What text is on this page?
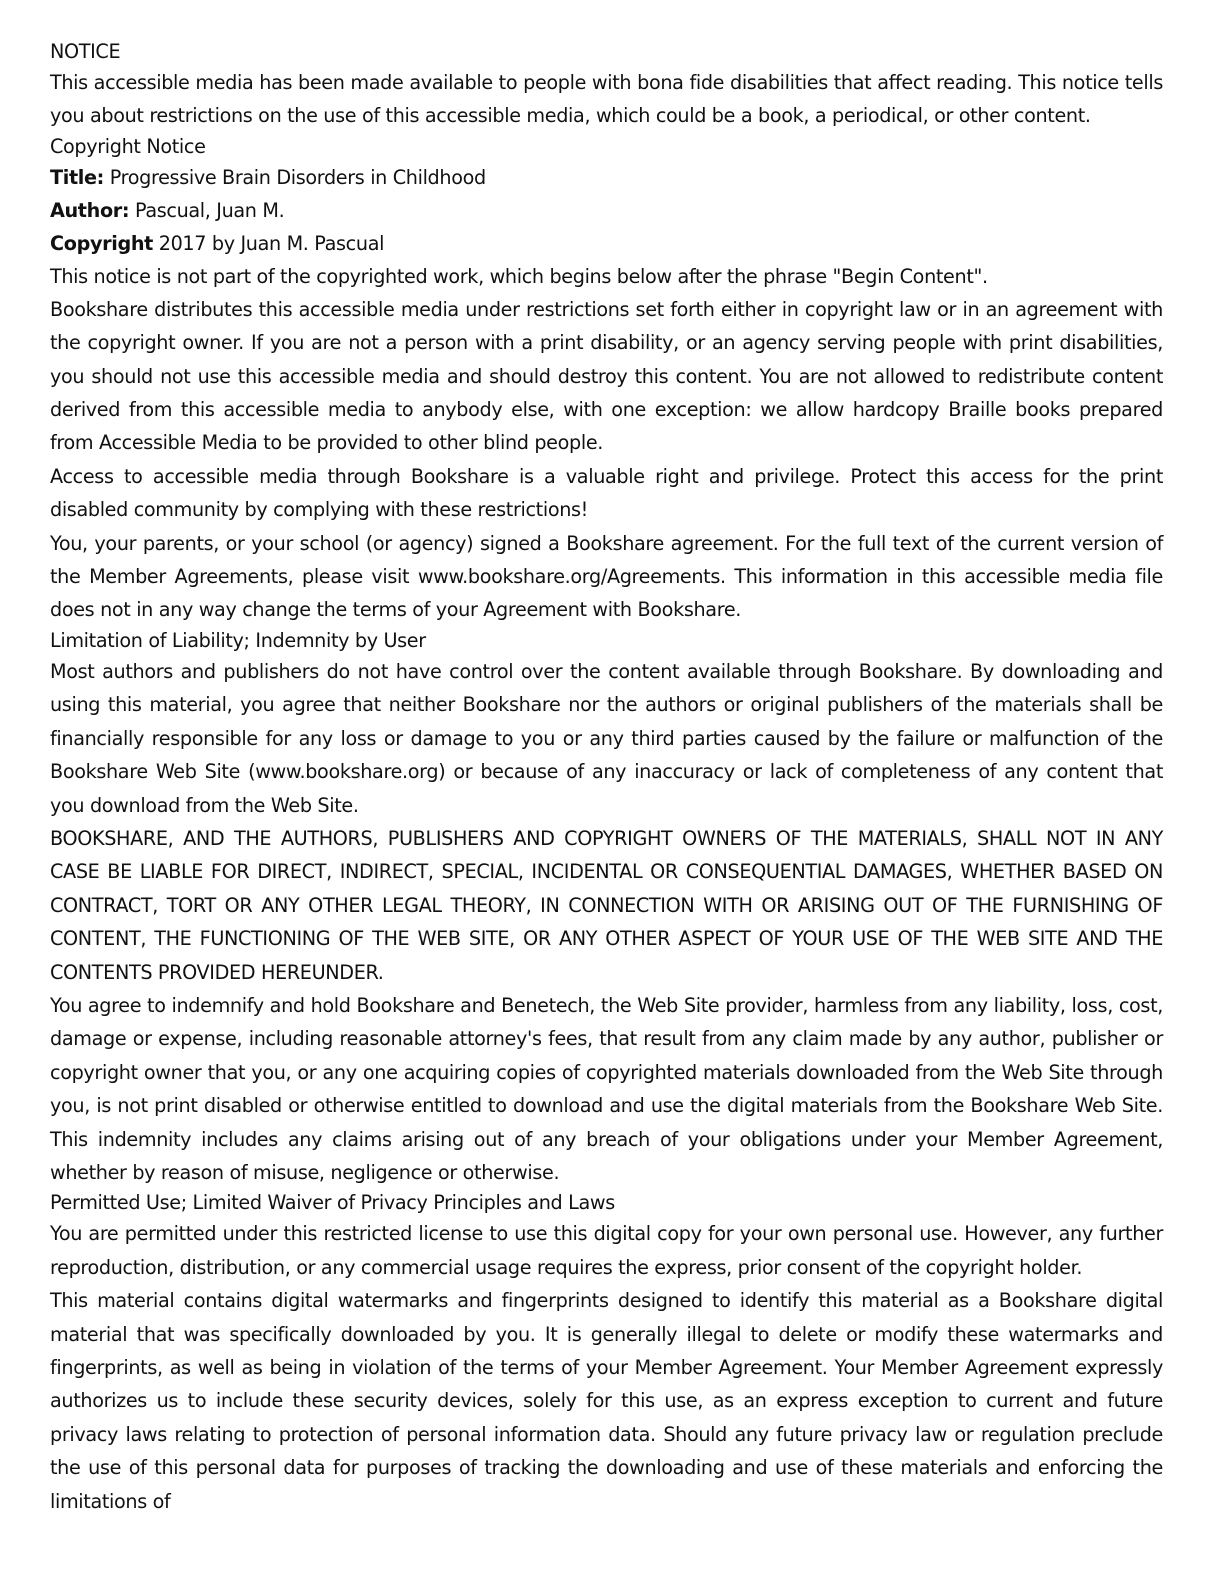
NOTICE

This accessible media has been made available to people with bona fide disabilities that affect reading. This notice tells you about restrictions on the use of this accessible media, which could be a book, a periodical, or other content.

Copyright Notice

Title: Progressive Brain Disorders in Childhood

Author: Pascual, Juan M.

Copyright 2017 by Juan M. Pascual

This notice is not part of the copyrighted work, which begins below after the phrase "Begin Content".

Bookshare distributes this accessible media under restrictions set forth either in copyright law or in an agreement with the copyright owner. If you are not a person with a print disability, or an agency serving people with print disabilities, you should not use this accessible media and should destroy this content. You are not allowed to redistribute content derived from this accessible media to anybody else, with one exception: we allow hardcopy Braille books prepared from Accessible Media to be provided to other blind people.

Access to accessible media through Bookshare is a valuable right and privilege. Protect this access for the print disabled community by complying with these restrictions!

You, your parents, or your school (or agency) signed a Bookshare agreement. For the full text of the current version of the Member Agreements, please visit www.bookshare.org/Agreements. This information in this accessible media file does not in any way change the terms of your Agreement with Bookshare.

Limitation of Liability; Indemnity by User

Most authors and publishers do not have control over the content available through Bookshare. By downloading and using this material, you agree that neither Bookshare nor the authors or original publishers of the materials shall be financially responsible for any loss or damage to you or any third parties caused by the failure or malfunction of the Bookshare Web Site (www.bookshare.org) or because of any inaccuracy or lack of completeness of any content that you download from the Web Site.

BOOKSHARE, AND THE AUTHORS, PUBLISHERS AND COPYRIGHT OWNERS OF THE MATERIALS, SHALL NOT IN ANY CASE BE LIABLE FOR DIRECT, INDIRECT, SPECIAL, INCIDENTAL OR CONSEQUENTIAL DAMAGES, WHETHER BASED ON CONTRACT, TORT OR ANY OTHER LEGAL THEORY, IN CONNECTION WITH OR ARISING OUT OF THE FURNISHING OF CONTENT, THE FUNCTIONING OF THE WEB SITE, OR ANY OTHER ASPECT OF YOUR USE OF THE WEB SITE AND THE CONTENTS PROVIDED HEREUNDER.

You agree to indemnify and hold Bookshare and Benetech, the Web Site provider, harmless from any liability, loss, cost, damage or expense, including reasonable attorney's fees, that result from any claim made by any author, publisher or copyright owner that you, or any one acquiring copies of copyrighted materials downloaded from the Web Site through you, is not print disabled or otherwise entitled to download and use the digital materials from the Bookshare Web Site. This indemnity includes any claims arising out of any breach of your obligations under your Member Agreement, whether by reason of misuse, negligence or otherwise.

Permitted Use; Limited Waiver of Privacy Principles and Laws

You are permitted under this restricted license to use this digital copy for your own personal use. However, any further reproduction, distribution, or any commercial usage requires the express, prior consent of the copyright holder.

This material contains digital watermarks and fingerprints designed to identify this material as a Bookshare digital material that was specifically downloaded by you. It is generally illegal to delete or modify these watermarks and fingerprints, as well as being in violation of the terms of your Member Agreement. Your Member Agreement expressly authorizes us to include these security devices, solely for this use, as an express exception to current and future privacy laws relating to protection of personal information data. Should any future privacy law or regulation preclude the use of this personal data for purposes of tracking the downloading and use of these materials and enforcing the limitations of
